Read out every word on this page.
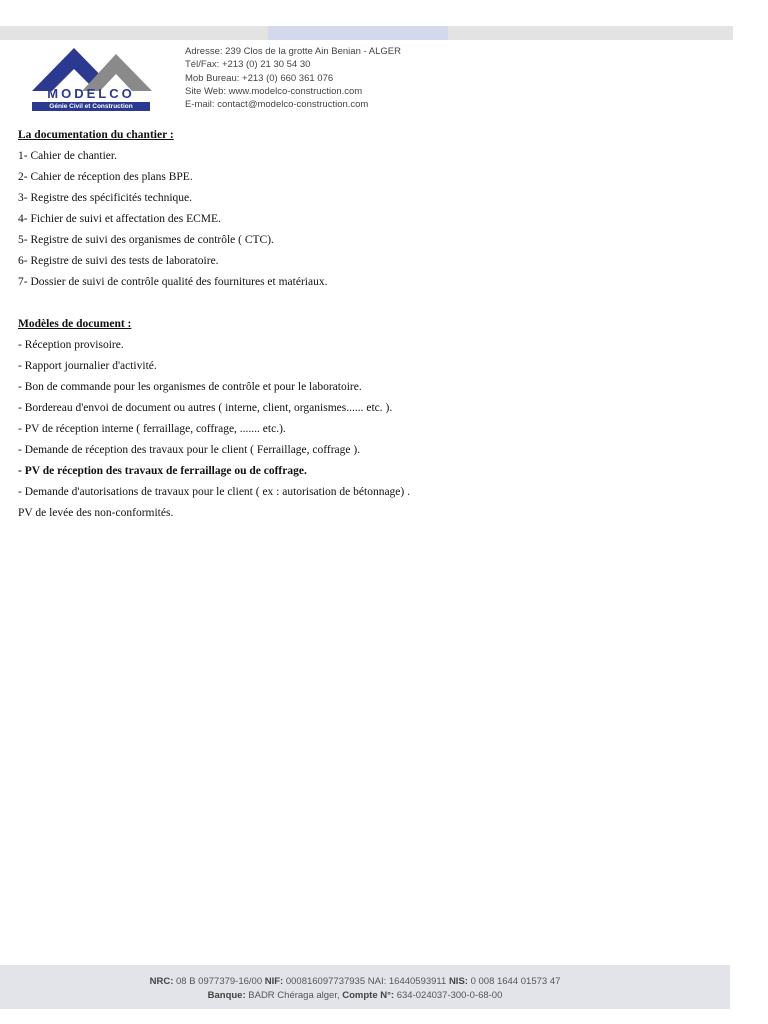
MODELCO
Génie Civil et Construction
Adresse: 239 Clos de la grotte Ain Benian - ALGER
Tél/Fax: +213 (0) 21 30 54 30
Mob Bureau: +213 (0) 660 361 076
Site Web: www.modelco-construction.com
E-mail: contact@modelco-construction.com
La documentation du chantier :
1- Cahier de chantier.
2- Cahier de réception des plans BPE.
3- Registre des spécificités technique.
4- Fichier de suivi et affectation des ECME.
5- Registre de suivi des organismes de contrôle ( CTC).
6- Registre de suivi des tests de laboratoire.
7- Dossier de suivi de contrôle qualité des fournitures et matériaux.
Modèles de document :
- Réception provisoire.
- Rapport journalier d'activité.
- Bon de commande pour les organismes de contrôle et pour le laboratoire.
- Bordereau d'envoi de document ou autres ( interne, client, organismes...... etc. ).
- PV de réception interne ( ferraillage, coffrage, ....... etc.).
- Demande de réception des travaux pour le client ( Ferraillage, coffrage ).
- PV de réception des travaux de ferraillage ou de coffrage.
- Demande d'autorisations de travaux pour le client ( ex : autorisation de bétonnage) .
PV de levée des non-conformités.
NRC: 08 B 0977379-16/00 NIF: 000816097737935 NAI: 16440593911 NIS: 0 008 1644 01573 47
Banque: BADR Chéraga alger, Compte N°: 634-024037-300-0-68-00
